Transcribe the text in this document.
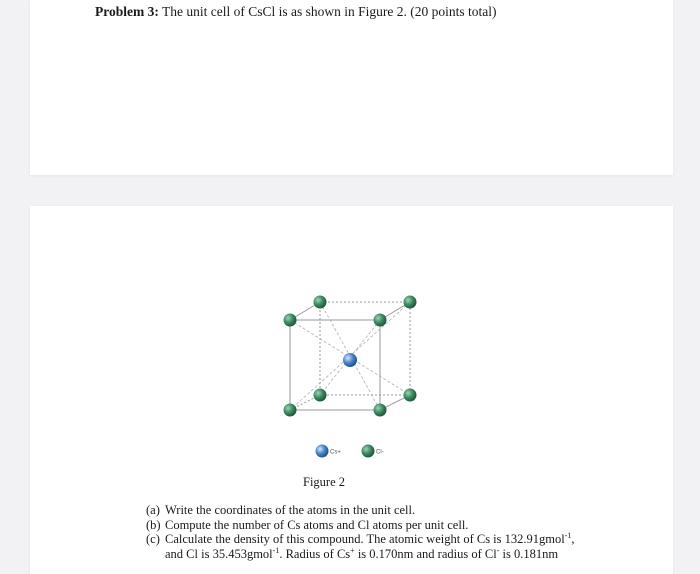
Problem 3: The unit cell of CsCl is as shown in Figure 2. (20 points total)
Cs+	Cl-
Figure 2
(a) Write the coordinates of the atoms in the unit cell.
(b) Compute the number of Cs atoms and Cl atoms per unit cell.
(c) Calculate the density of this compound. The atomic weight of Cs is 132.91gmol$^{-1}$,
and Cl is 35.453gmol$^{-1}$. Radius of Cs+ is 0.170nm and radius of Cl- is 0.181nm
